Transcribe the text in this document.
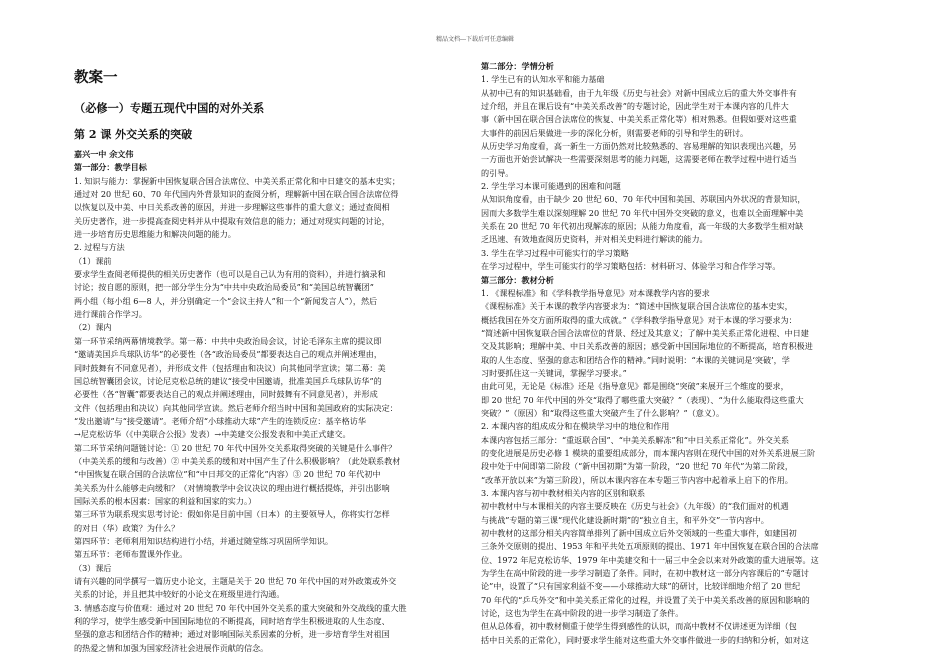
精品文档---下载后可任意编辑
教案一
（必修一）专题五现代中国的对外关系
第 2 课 外交关系的突破
嘉兴一中 余文伟
第一部分：教学目标
1. 知识与能力：掌握新中国恢复联合国合法席位、中美关系正常化和中日建交的基本史实；
通过对 20 世纪 60、70 年代国内外背景知识的查阅分析，理解新中国在联合国合法席位得
以恢复以及中美、中日关系改善的原因，并进一步理解这些事件的重大意义；通过查阅相
关历史著作，进一步提高查阅史料并从中提取有效信息的能力；通过对现实问题的讨论，
进一步培育历史思维能力和解决问题的能力。
2. 过程与方法
（1）课前
要求学生查阅老师提供的相关历史著作（也可以是自己认为有用的资料），并进行摘录和
讨论；按自愿的原则，把一部分学生分为“中共中央政治局委员”和“美国总统智囊团”
两小组（每小组 6—8 人，并分别确定一个“会议主持人”和一个“新闻发言人”），然后
进行课前合作学习。
（2）课内
第一环节采纳两幕情境教学。第一幕：中共中央政治局会议，讨论毛泽东主席的提议即
“邀请美国乒乓球队访华”的必要性（各“政治局委员”都要表达自己的观点并阐述理由，
同时鼓舞有不同意见者），并形成文件（包括理由和决议）向其他同学宣读；第二幕：美
国总统智囊团会议，讨论尼克松总统的建议“接受中国邀请，批准美国乒乓球队访华”的
必要性（各“智囊”都要表达自己的观点并阐述理由，同时鼓舞有不同意见者），并形成
文件（包括理由和决议）向其他同学宣读。然后老师介绍当时中国和美国政府的实际决定：
“发出邀请”与“接受邀请”。老师介绍“小球推动大球”产生的连锁反应：基辛格访华
→尼克松访华（《中美联合公报》发表）→中美建交公报发表和中美正式建交。
第二环节采纳问题链讨论：① 20 世纪 70 年代中国外交关系取得突破的关键是什么事件？
（中美关系的缓和与改善）② 中美关系的缓和对中国产生了什么积极影响？（此处联系教材
“中国恢复在联合国的合法席位”和“中日邦交的正常化”内容）③ 20 世纪 70 年代初中
美关系为什么能够走向缓和？（对情境教学中会议决议的理由进行概括提炼，并引出影响
国际关系的根本因素：国家的利益和国家的实力。）
第三环节为联系现实思考讨论：假如你是目前中国（日本）的主要领导人，你将实行怎样
的对日（华）政策？为什么？
第四环节：老师利用知识结构进行小结，并通过随堂练习巩固所学知识。
第五环节：老师布置课外作业。
（3）课后
请有兴趣的同学撰写一篇历史小论文，主题是关于 20 世纪 70 年代中国的对外政策或外交
关系的讨论，并且把其中较好的小论文在班级里进行沟通。
3. 情感态度与价值观：通过对 20 世纪 70 年代中国外交关系的重大突破和外交战线的重大胜
利的学习，使学生感受新中国国际地位的不断提高，同时培育学生积极进取的人生态度、
坚强的意志和团结合作的精神；通过对影响国际关系因素的分析，进一步培育学生对祖国
的热爱之情和加强为国家经济社会进展作贡献的信念。
第二部分：学情分析
1. 学生已有的认知水平和能力基础
从初中已有的知识基础看，由于九年级《历史与社会》对新中国成立后的重大外交事件有
过介绍，并且在课后设有“中美关系改善”的专题讨论，因此学生对于本课内容的几件大
事（新中国在联合国合法席位的恢复、中美关系正常化等）相对熟悉。但假如要对这些重
大事件的前因后果做进一步的深化分析，则需要老师的引导和学生的研讨。
从历史学习角度看，高一新生一方面仍然对比较熟悉的、容易理解的知识表现出兴趣，另
一方面也开始尝试解决一些需要深刻思考的能力问题，这需要老师在教学过程中进行适当
的引导。
2. 学生学习本课可能遇到的困难和问题
从知识角度看，由于缺少 20 世纪 60、70 年代中国和美国、苏联国内外状况的背景知识，
因而大多数学生难以深刻理解 20 世纪 70 年代中国外交突破的意义，也难以全面理解中美
关系在 20 世纪 70 年代初出现解冻的原因；从能力角度看，高一年级的大多数学生相对缺
乏迅速、有效地查阅历史资料，并对相关史料进行解读的能力。
3. 学生在学习过程中可能实行的学习策略
在学习过程中，学生可能实行的学习策略包括：材料研习、体验学习和合作学习等。
第三部分：教材分析
1. 《课程标准》和《学科教学指导意见》对本课教学内容的要求
《课程标准》关于本课的教学内容要求为：“简述中国恢复联合国合法席位的基本史实，
概括我国在外交方面所取得的重大成就。”《学科教学指导意见》对于本课的学习要求为：
“简述新中国恢复联合国合法席位的背景、经过及其意义；了解中美关系正常化进程、中日建
交及其影响；理解中美、中日关系改善的原因；感受新中国国际地位的不断提高，培育积极进
取的人生态度、坚强的意志和团结合作的精神。”同时说明：“本课的关键词是‘突破’，学
习时要抓住这一关键词，掌握学习要求。”
由此可见，无论是《标准》还是《指导意见》都是围绕“突破”来展开三个维度的要求，
即 20 世纪 70 年代中国的外交“取得了哪些重大突破？”（表现）、“为什么能取得这些重大
突破？”（原因）和“取得这些重大突破产生了什么影响？”（意义）。
2. 本课内容的组成成分和在模块学习中的地位和作用
本课内容包括三部分：“重返联合国”、“中美关系解冻”和“中日关系正常化”。外交关系
的变化进展是历史必修 1 模块的重要组成部分，而本课内容则在现代中国的对外关系进展三阶
段中处于中间即第二阶段（“新中国初期”为第一阶段，“20 世纪 70 年代”为第二阶段，
“改革开放以来”为第三阶段），所以本课内容在本专题三节内容中起着承上启下的作用。
3. 本课内容与初中教材相关内容的区别和联系
初中教材中与本课相关的内容主要反映在《历史与社会》（九年级）的“我们面对的机遇
与挑战”专题的第三课“现代化建设新时期”的“独立自主，和平外交”一节内容中。
初中教材的这部分相关内容简单排列了新中国成立后外交领域的一些重大事件，如建国初
三条外交原则的提出、1953 年和平共处五项原则的提出、1971 年中国恢复在联合国的合法席
位、1972 年尼克松访华、1979 年中美建交和十一届三中全会以来对外政策的重大进展等。这
为学生在高中阶段的进一步学习制造了条件。同时，在初中教材这一部分内容课后的“专题讨
论”中，设置了“只有国家利益不变——小球推动大球”的研讨，比较详细地介绍了 20 世纪
70 年代的“乒乓外交”和中美关系正常化的过程，并设置了关于中美关系改善的原因和影响的
讨论，这也为学生在高中阶段的进一步学习制造了条件。
但从总体看，初中教材侧重于使学生得到感性的认识，而高中教材不仅讲述更为详细（包
括中日关系的正常化），同时要求学生能对这些重大外交事件做进一步的归纳和分析，如对这
